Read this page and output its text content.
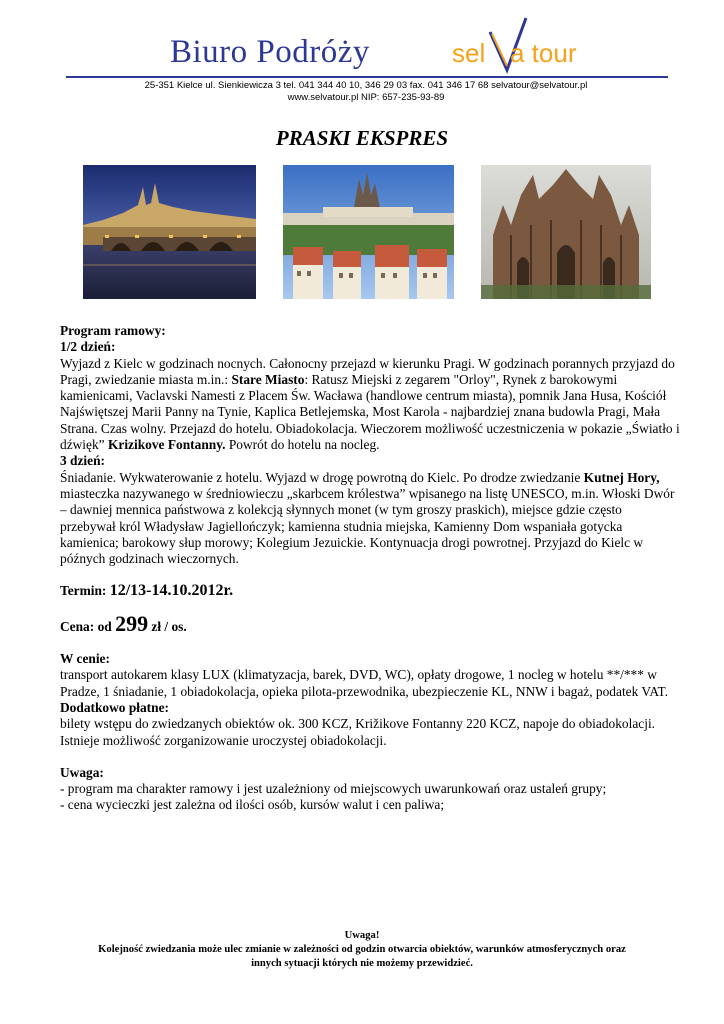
Biuro Podróży	sel a tour
25-351 Kielce ul. Sienkiewicza 3 tel. 041 344 40 10, 346 29 03 fax. 041 346 17 68 selvatour@selvatour.pl
www.selvatour.pl NIP: 657-235-93-89
PRASKI EKSPRES

Program ramowy:

1/2 dzień:

Wyjazd z Kielc w godzinach nocnych. Całonocny przejazd w kierunku Pragi. W godzinach porannych przyjazd do Pragi, zwiedzanie miasta m.in.: Stare Miasto: Ratusz Miejski z zegarem "Orloy", Rynek z barokowymi kamienicami, Vaclavski Namesti z Placem Św. Wacława (handlowe centrum miasta), pomnik Jana Husa, Kościół Najświętszej Marii Panny na Tynie, Kaplica Betlejemska, Most Karola - najbardziej znana budowla Pragi, Mała Strana. Czas wolny. Przejazd do hotelu. Obiadokolacja. Wieczorem możliwość uczestniczenia w pokazie „Światło i dźwięk” Krizikove Fontanny. Powrót do hotelu na nocleg.

3 dzień:

Śniadanie. Wykwaterowanie z hotelu. Wyjazd w drogę powrotną do Kielc. Po drodze zwiedzanie Kutnej Hory, miasteczka nazywanego w średniowieczu „skarbcem królestwa” wpisanego na listę UNESCO, m.in. Włoski Dwór – dawniej mennica państwowa z kolekcją słynnych monet (w tym groszy praskich), miejsce gdzie często przebywał król Władysław Jagiellończyk; kamienna studnia miejska, Kamienny Dom wspaniała gotycka kamienica; barokowy słup morowy; Kolegium Jezuickie. Kontynuacja drogi powrotnej. Przyjazd do Kielc w późnych godzinach wieczornych.

Termin: 12/13-14.10.2012r.

Cena: od 299 zł / os.

W cenie:

transport autokarem klasy LUX (klimatyzacja, barek, DVD, WC), opłaty drogowe, 1 nocleg w hotelu **/*** w Pradze, 1 śniadanie, 1 obiadokolacja, opieka pilota-przewodnika, ubezpieczenie KL, NNW i bagaż, podatek VAT.

Dodatkowo płatne:

bilety wstępu do zwiedzanych obiektów ok. 300 KCZ, Križikove Fontanny 220 KCZ, napoje do obiadokolacji.

Istnieje możliwość zorganizowanie uroczystej obiadokolacji.

Uwaga:

- program ma charakter ramowy i jest uzależniony od miejscowych uwarunkowań oraz ustaleń grupy;

- cena wycieczki jest zależna od ilości osób, kursów walut i cen paliwa;

Uwaga!
Kolejność zwiedzania może ulec zmianie w zależności od godzin otwarcia obiektów, warunków atmosferycznych oraz
innych sytuacji których nie możemy przewidzieć.
